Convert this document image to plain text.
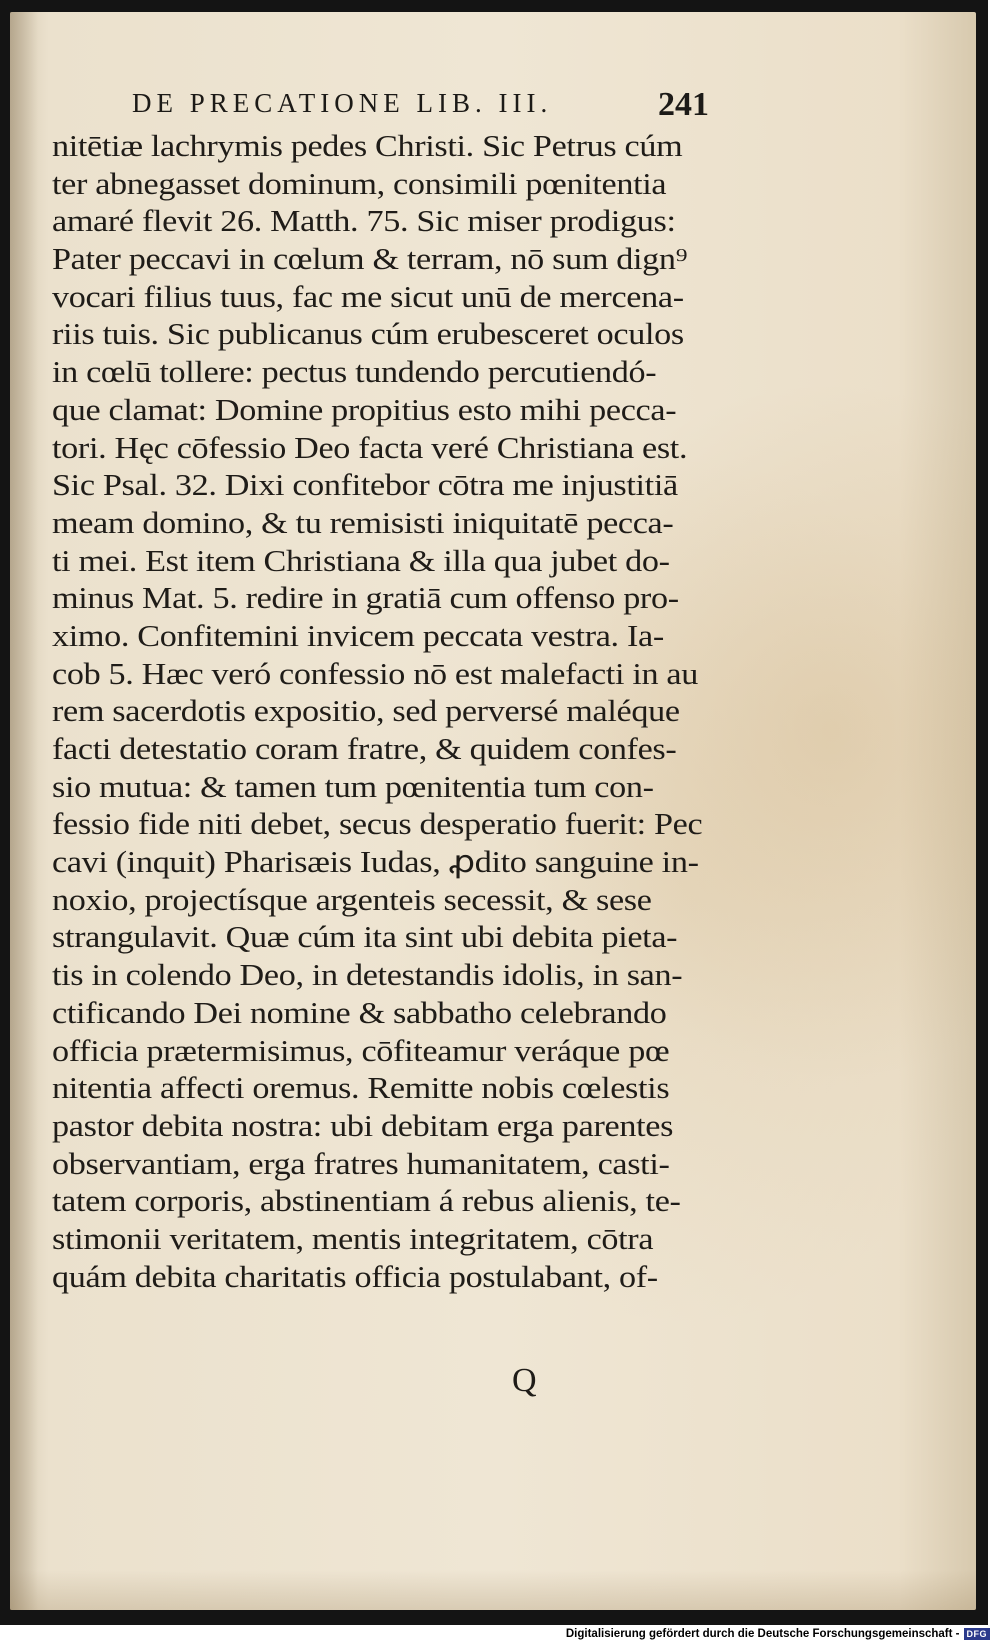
DE PRECATIONE LIB. III.	241
nitētiæ lachrymis pedes Christi. Sic Petrus cúm
ter abnegasset dominum, consimili pœnitentia
amaré flevit 26. Matth. 75. Sic miser prodigus:
Pater peccavi in cœlum & terram, nō sum dign⁹
vocari filius tuus, fac me sicut unū de mercena-
riis tuis. Sic publicanus cúm erubesceret oculos
in cœlū tollere: pectus tundendo percutiendó-
que clamat: Domine propitius esto mihi pecca-
tori. Hęc cōfessio Deo facta veré Christiana est.
Sic Psal. 32. Dixi confitebor cōtra me injustitiā
meam domino, & tu remisisti iniquitatē pecca-
ti mei. Est item Christiana & illa qua jubet do-
minus Mat. 5. redire in gratiā cum offenso pro-
ximo. Confitemini invicem peccata vestra. Ia-
cob 5. Hæc veró confessio nō est malefacti in au
rem sacerdotis expositio, sed perversé maléque
facti detestatio coram fratre, & quidem confes-
sio mutua: & tamen tum pœnitentia tum con-
fessio fide niti debet, secus desperatio fuerit: Pec
cavi (inquit) Pharisæis Iudas, ꝓdito sanguine in-
noxio, projectísque argenteis secessit, & sese
strangulavit. Quæ cúm ita sint ubi debita pieta-
tis in colendo Deo, in detestandis idolis, in san-
ctificando Dei nomine & sabbatho celebrando
officia prætermisimus, cōfiteamur veráque pœ
nitentia affecti oremus. Remitte nobis cœlestis
pastor debita nostra: ubi debitam erga parentes
observantiam, erga fratres humanitatem, casti-
tatem corporis, abstinentiam á rebus alienis, te-
stimonii veritatem, mentis integritatem, cōtra
quám debita charitatis officia postulabant, of-
Q
Digitalisierung gefördert durch die Deutsche Forschungsgemeinschaft - DFG
